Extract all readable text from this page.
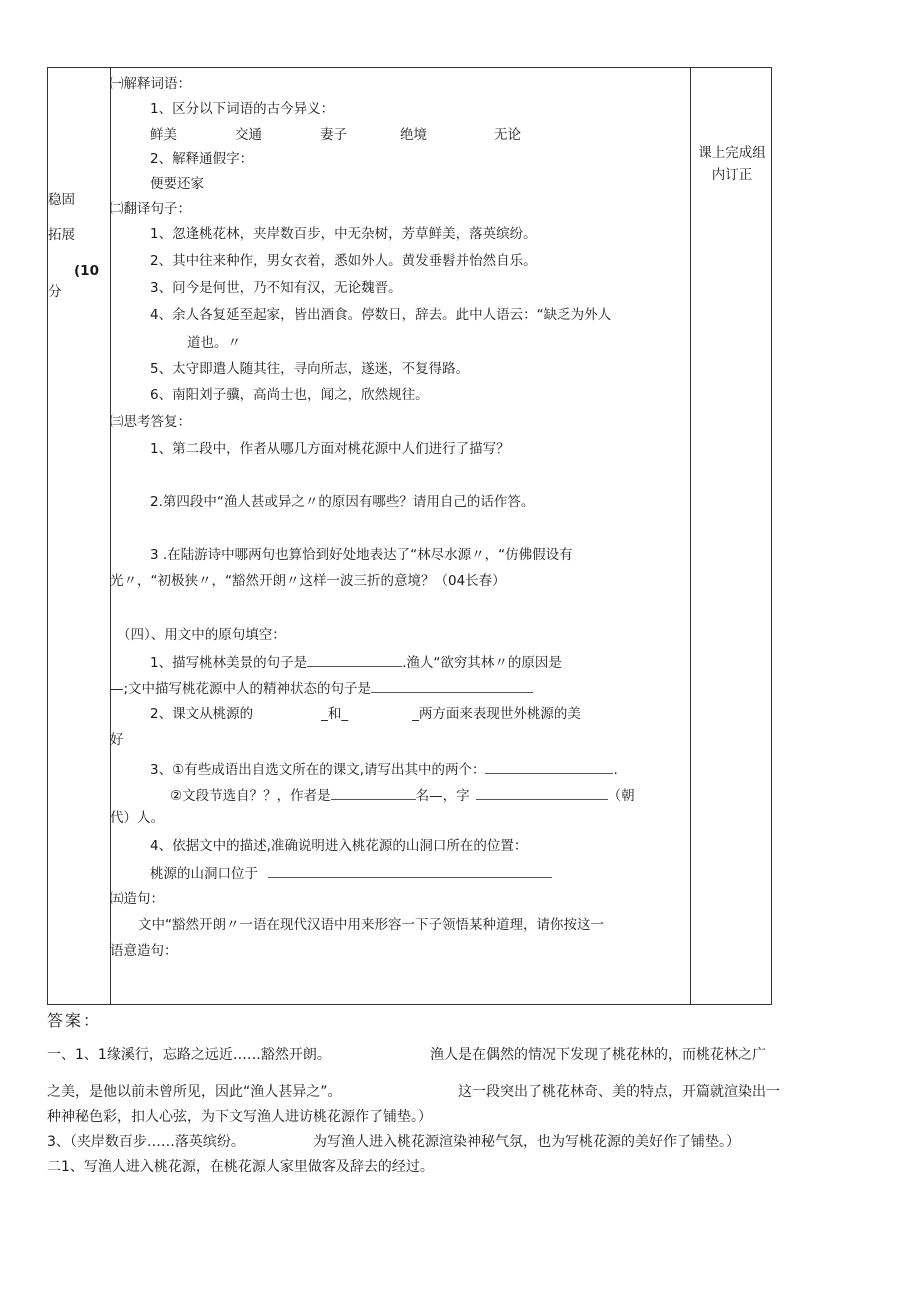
稳固
拓展
(10
分
课上完成组
内订正
㈠解释词语：
1、区分以下词语的古今异义：
鲜美	交通	妻子	绝境	无论
2、解释通假字：
便要还家
㈡翻译句子：
1、忽逢桃花林，夹岸数百步，中无杂树，芳草鲜美，落英缤纷。
2、其中往来种作，男女衣着，悉如外人。黄发垂髫并怡然自乐。
3、问今是何世，乃不知有汉，无论魏晋。
4、余人各复延至起家，皆出酒食。停数日，辞去。此中人语云：“缺乏为外人
道也。〃
5、太守即遣人随其往，寻向所志，遂迷，不复得路。
6、南阳刘子骥，高尚士也，闻之，欣然规往。
㈢思考答复：
1、第二段中，作者从哪几方面对桃花源中人们进行了描写？
2.第四段中“渔人甚或异之〃的原因有哪些？请用自己的话作答。
3 .在陆游诗中哪两句也算恰到好处地表达了“林尽水源〃，“仿佛假设有
光〃，“初极狭〃，“豁然开朗〃这样一波三折的意境？（04长春）
（四）、用文中的原句填空：
1、描写桃林美景的句子是	.渔人“欲穷其林〃的原因是
—;文中描写桃花源中人的精神状态的句子是
2、课文从桃源的	_和_	_两方面来表现世外桃源的美
好
3、①有些成语出自选文所在的课文,请写出其中的两个：	.
②文段节选自？？，作者是	名—，字	（朝
代）人。
4、依据文中的描述,准确说明进入桃花源的山洞口所在的位置：
桃源的山洞口位于
㈤造句：
文中“豁然开朗〃一语在现代汉语中用来形容一下子领悟某种道理，请你按这一
语意造句：
答案：
一、1、1缘溪行，忘路之远近……豁然开朗。	渔人是在偶然的情况下发现了桃花林的，而桃花林之广
之美，是他以前未曾所见，因此“渔人甚异之”。	这一段突出了桃花林奇、美的特点，开篇就渲染出一
种神秘色彩，扣人心弦，为下文写渔人进访桃花源作了铺垫。）
3、（夹岸数百步……落英缤纷。	为写渔人进入桃花源渲染神秘气氛，也为写桃花源的美好作了铺垫。）
二1、写渔人进入桃花源，在桃花源人家里做客及辞去的经过。
